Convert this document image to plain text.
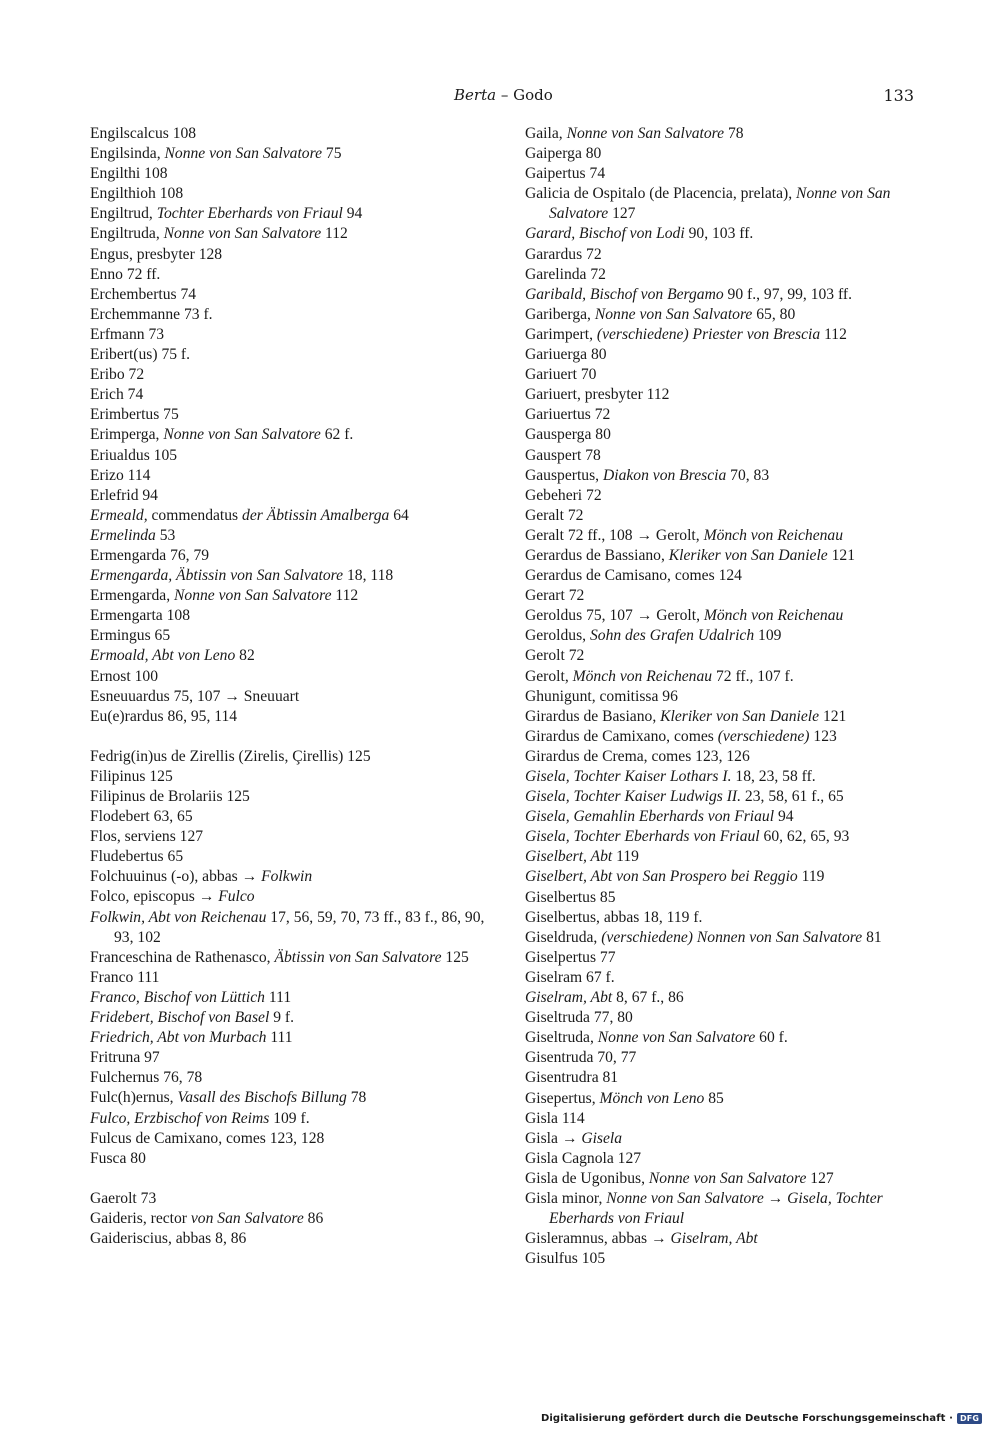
Berta – Godo	133
Engilscalcus 108
Engilsinda, Nonne von San Salvatore 75
Engilthi 108
Engilthioh 108
Engiltrud, Tochter Eberhards von Friaul 94
Engiltruda, Nonne von San Salvatore 112
Engus, presbyter 128
Enno 72 ff.
Erchembertus 74
Erchemmanne 73 f.
Erfmann 73
Eribert(us) 75 f.
Eribo 72
Erich 74
Erimbertus 75
Erimperga, Nonne von San Salvatore 62 f.
Eriualdus 105
Erizo 114
Erlefrid 94
Ermeald, commendatus der Äbtissin Amalberga 64
Ermelinda 53
Ermengarda 76, 79
Ermengarda, Äbtissin von San Salvatore 18, 118
Ermengarda, Nonne von San Salvatore 112
Ermengarta 108
Ermingus 65
Ermoald, Abt von Leno 82
Ernost 100
Esneuuardus 75, 107 → Sneuuart
Eu(e)rardus 86, 95, 114
Fedrig(in)us de Zirellis (Zirelis, Çirellis) 125
Filipinus 125
Filipinus de Brolariis 125
Flodebert 63, 65
Flos, serviens 127
Fludebertus 65
Folchuuinus (-o), abbas → Folkwin
Folco, episcopus → Fulco
Folkwin, Abt von Reichenau 17, 56, 59, 70, 73 ff., 83 f., 86, 90, 93, 102
Franceschina de Rathenasco, Äbtissin von San Salvatore 125
Franco 111
Franco, Bischof von Lüttich 111
Fridebert, Bischof von Basel 9 f.
Friedrich, Abt von Murbach 111
Fritruna 97
Fulchernus 76, 78
Fulc(h)ernus, Vasall des Bischofs Billung 78
Fulco, Erzbischof von Reims 109 f.
Fulcus de Camixano, comes 123, 128
Fusca 80
Gaerolt 73
Gaideris, rector von San Salvatore 86
Gaideriscius, abbas 8, 86
Gaila, Nonne von San Salvatore 78
Gaiperga 80
Gaipertus 74
Galicia de Ospitalo (de Placencia, prelata), Nonne von San Salvatore 127
Garard, Bischof von Lodi 90, 103 ff.
Garardus 72
Garelinda 72
Garibald, Bischof von Bergamo 90 f., 97, 99, 103 ff.
Gariberga, Nonne von San Salvatore 65, 80
Garimpert, (verschiedene) Priester von Brescia 112
Gariuerga 80
Gariuert 70
Gariuert, presbyter 112
Gariuertus 72
Gausperga 80
Gauspert 78
Gauspertus, Diakon von Brescia 70, 83
Gebeheri 72
Geralt 72
Geralt 72 ff., 108 → Gerolt, Mönch von Reichenau
Gerardus de Bassiano, Kleriker von San Daniele 121
Gerardus de Camisano, comes 124
Gerart 72
Geroldus 75, 107 → Gerolt, Mönch von Reichenau
Geroldus, Sohn des Grafen Udalrich 109
Gerolt 72
Gerolt, Mönch von Reichenau 72 ff., 107 f.
Ghunigunt, comitissa 96
Girardus de Basiano, Kleriker von San Daniele 121
Girardus de Camixano, comes (verschiedene) 123
Girardus de Crema, comes 123, 126
Gisela, Tochter Kaiser Lothars I. 18, 23, 58 ff.
Gisela, Tochter Kaiser Ludwigs II. 23, 58, 61 f., 65
Gisela, Gemahlin Eberhards von Friaul 94
Gisela, Tochter Eberhards von Friaul 60, 62, 65, 93
Giselbert, Abt 119
Giselbert, Abt von San Prospero bei Reggio 119
Giselbertus 85
Giselbertus, abbas 18, 119 f.
Giseldruda, (verschiedene) Nonnen von San Salvatore 81
Giselpertus 77
Giselram 67 f.
Giselram, Abt 8, 67 f., 86
Giseltruda 77, 80
Giseltruda, Nonne von San Salvatore 60 f.
Gisentruda 70, 77
Gisentrudra 81
Gisepertus, Mönch von Leno 85
Gisla 114
Gisla → Gisela
Gisla Cagnola 127
Gisla de Ugonibus, Nonne von San Salvatore 127
Gisla minor, Nonne von San Salvatore → Gisela, Tochter Eberhards von Friaul
Gisleramnus, abbas → Giselram, Abt
Gisulfus 105
Digitalisierung gefördert durch die Deutsche Forschungsgemeinschaft · DFG
